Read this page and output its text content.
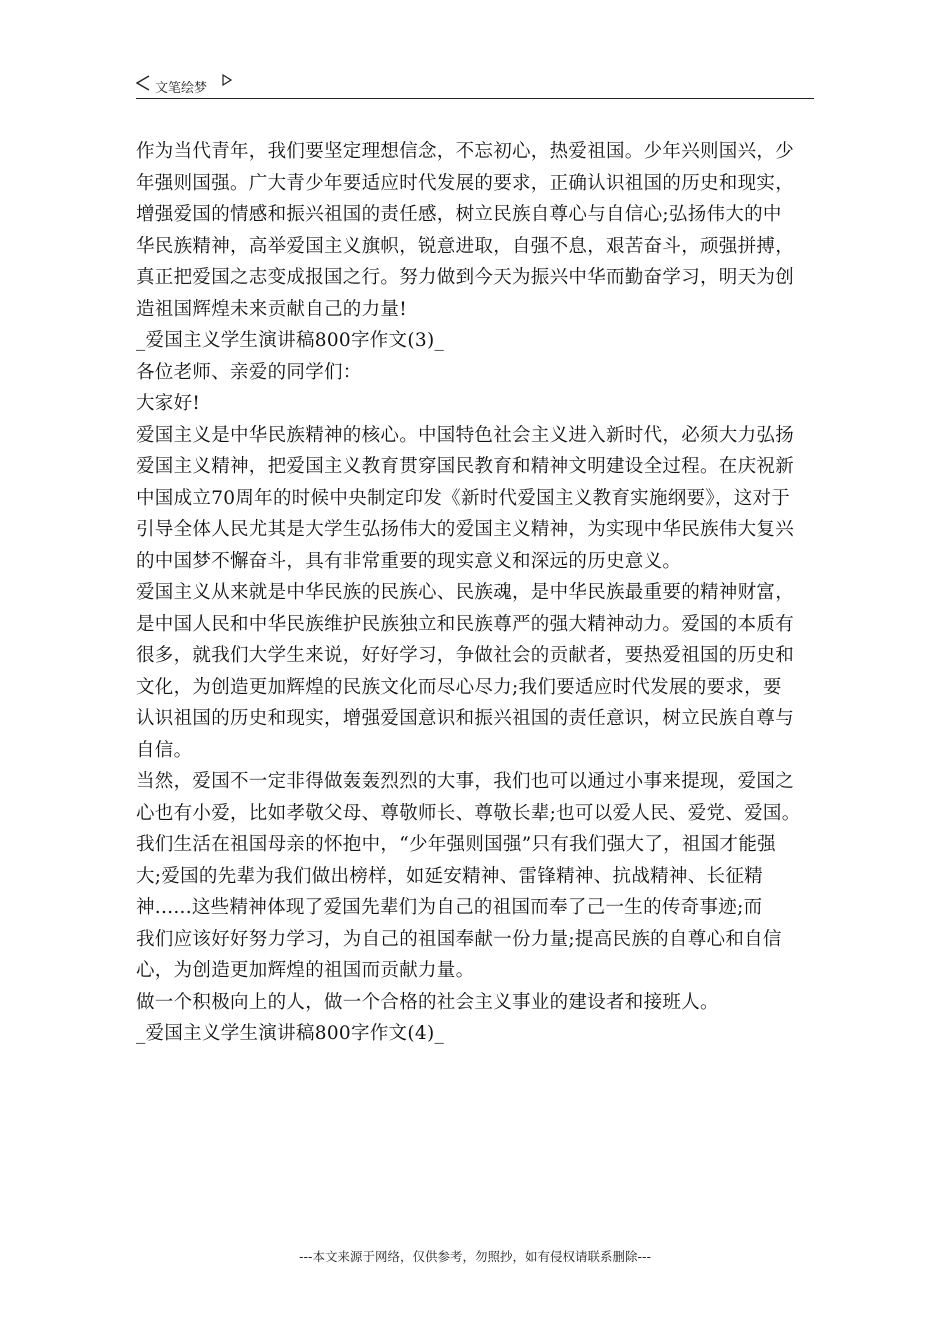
文笔绘梦
作为当代青年，我们要坚定理想信念，不忘初心，热爱祖国。少年兴则国兴，少
年强则国强。广大青少年要适应时代发展的要求，正确认识祖国的历史和现实，
增强爱国的情感和振兴祖国的责任感，树立民族自尊心与自信心;弘扬伟大的中
华民族精神，高举爱国主义旗帜，锐意进取，自强不息，艰苦奋斗，顽强拼搏，
真正把爱国之志变成报国之行。努力做到今天为振兴中华而勤奋学习，明天为创
造祖国辉煌未来贡献自己的力量!
_爱国主义学生演讲稿800字作文(3)_
各位老师、亲爱的同学们：
大家好!
爱国主义是中华民族精神的核心。中国特色社会主义进入新时代，必须大力弘扬
爱国主义精神，把爱国主义教育贯穿国民教育和精神文明建设全过程。在庆祝新
中国成立70周年的时候中央制定印发《新时代爱国主义教育实施纲要》，这对于
引导全体人民尤其是大学生弘扬伟大的爱国主义精神，为实现中华民族伟大复兴
的中国梦不懈奋斗，具有非常重要的现实意义和深远的历史意义。
爱国主义从来就是中华民族的民族心、民族魂，是中华民族最重要的精神财富，
是中国人民和中华民族维护民族独立和民族尊严的强大精神动力。爱国的本质有
很多，就我们大学生来说，好好学习，争做社会的贡献者，要热爱祖国的历史和
文化，为创造更加辉煌的民族文化而尽心尽力;我们要适应时代发展的要求，要
认识祖国的历史和现实，增强爱国意识和振兴祖国的责任意识，树立民族自尊与
自信。
当然，爱国不一定非得做轰轰烈烈的大事，我们也可以通过小事来提现，爱国之
心也有小爱，比如孝敬父母、尊敬师长、尊敬长辈;也可以爱人民、爱党、爱国。
我们生活在祖国母亲的怀抱中，“少年强则国强”只有我们强大了，祖国才能强
大;爱国的先辈为我们做出榜样，如延安精神、雷锋精神、抗战精神、长征精
神......这些精神体现了爱国先辈们为自己的祖国而奉了己一生的传奇事迹;而
我们应该好好努力学习，为自己的祖国奉献一份力量;提高民族的自尊心和自信
心，为创造更加辉煌的祖国而贡献力量。
做一个积极向上的人，做一个合格的社会主义事业的建设者和接班人。
_爱国主义学生演讲稿800字作文(4)_
---本文来源于网络，仅供参考，勿照抄，如有侵权请联系删除---
